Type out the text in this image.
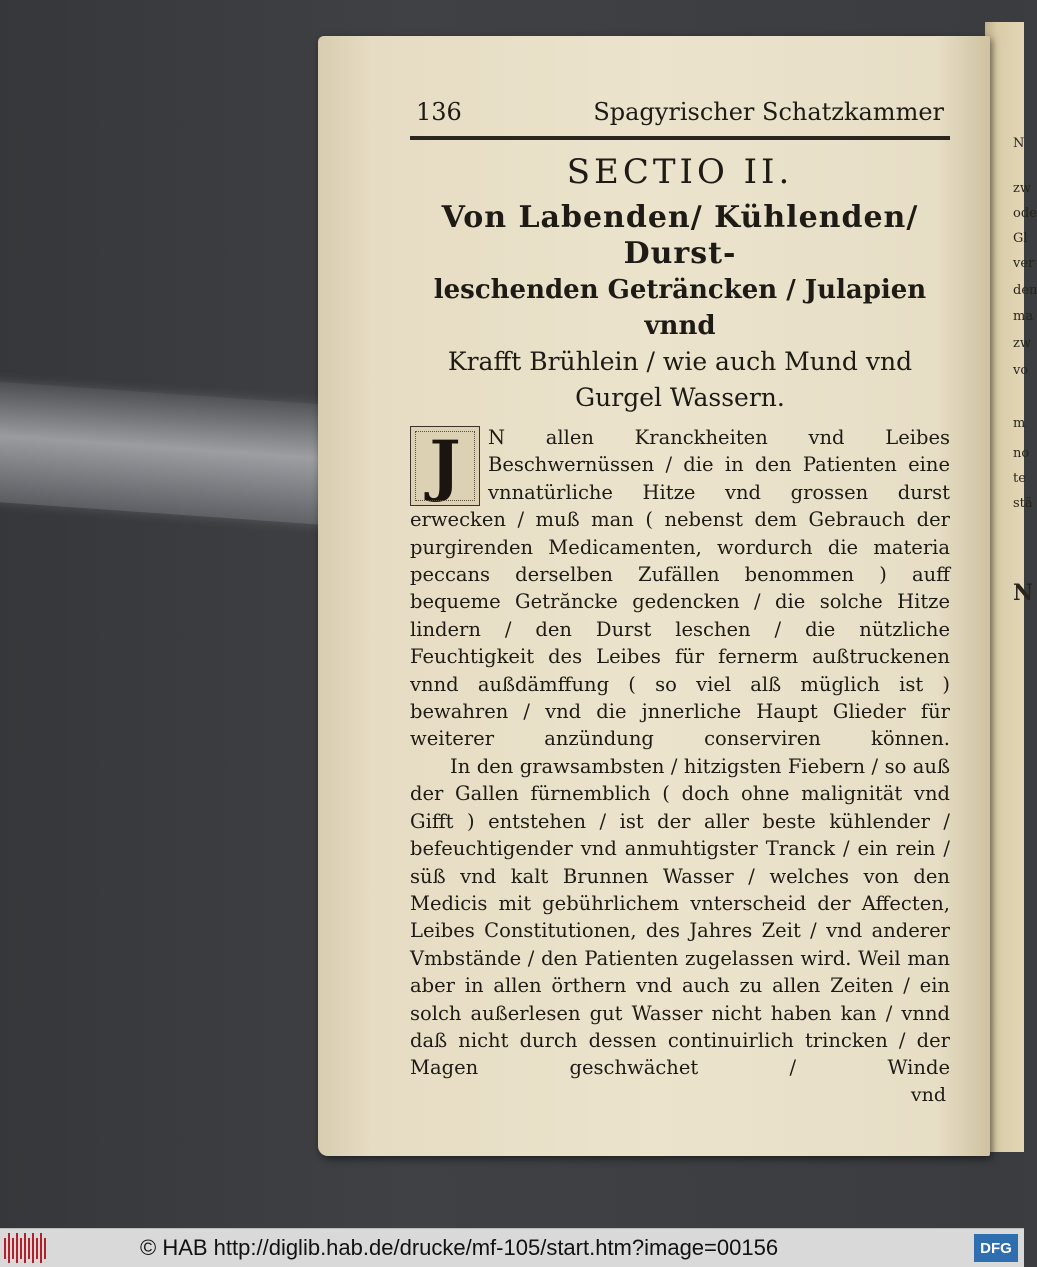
N
zw
ode
Gl
ver
den
ma
zw
vo
m
no
te
stä
N
136	Spagyrischer Schatzkammer
SECTIO II.
Von Labenden/ Kühlenden/ Durst-
leschenden Geträncken / Julapien vnnd
Krafft Brühlein / wie auch Mund vnd
Gurgel Wassern.
J	N allen Kranckheiten vnd Leibes Beschwernüssen / die in den Patienten eine vnnatürliche Hitze vnd grossen durst erwecken / muß man ( nebenst dem Gebrauch der purgirenden Medicamenten, wordurch die materia peccans derselben Zufällen benommen ) auff bequeme Getrăncke gedencken / die solche Hitze lindern / den Durst leschen / die nützliche Feuchtigkeit des Leibes für fernerm außtruckenen vnnd außdämffung ( so viel alß müglich ist ) bewahren / vnd die jnnerliche Haupt Glieder für weiterer anzündung conserviren können.

In den grawsambsten / hitzigsten Fiebern / so auß der Gallen fürnemblich ( doch ohne malignität vnd Gifft ) entstehen / ist der aller beste kühlender / befeuchtigender vnd anmuhtigster Tranck / ein rein / süß vnd kalt Brunnen Wasser / welches von den Medicis mit gebührlichem vnterscheid der Affecten, Leibes Constitutionen, des Jahres Zeit / vnd anderer Vmbstände / den Patienten zugelassen wird. Weil man aber in allen örthern vnd auch zu allen Zeiten / ein solch außerlesen gut Wasser nicht haben kan / vnnd daß nicht durch dessen continuirlich trincken / der Magen geschwächet / Winde

vnd
© HAB http://diglib.hab.de/drucke/mf-105/start.htm?image=00156	DFG
